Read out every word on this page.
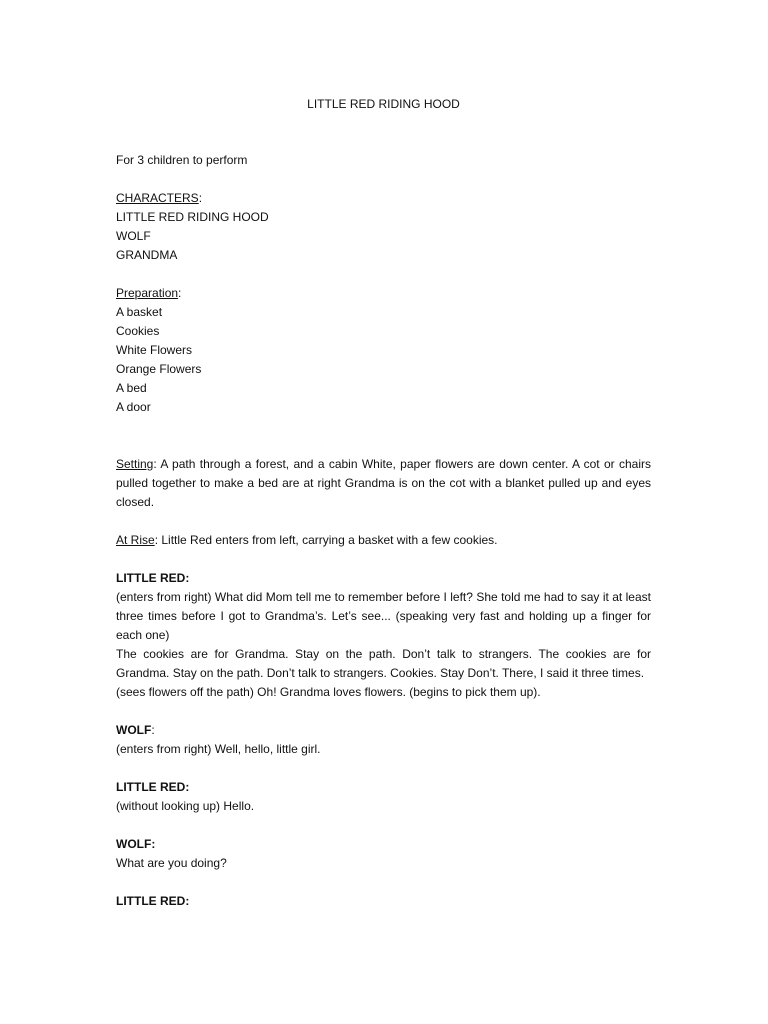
LITTLE RED RIDING HOOD

For 3 children to perform
CHARACTERS:
LITTLE RED RIDING HOOD
WOLF
GRANDMA
Preparation:
A basket
Cookies
White Flowers
Orange Flowers
A bed
A door

Setting: A path through a forest, and a cabin White, paper flowers are down center. A cot or chairs pulled together to make a bed are at right Grandma is on the cot with a blanket pulled up and eyes closed.

At Rise: Little Red enters from left, carrying a basket with a few cookies.

LITTLE RED:

(enters from right) What did Mom tell me to remember before I left? She told me had to say it at least three times before I got to Grandma’s. Let’s see... (speaking very fast and holding up a finger for each one)

The cookies are for Grandma. Stay on the path. Don’t talk to strangers. The cookies are for Grandma. Stay on the path. Don’t talk to strangers. Cookies. Stay Don’t. There, I said it three times.

(sees flowers off the path) Oh! Grandma loves flowers. (begins to pick them up).

WOLF:

(enters from right) Well, hello, little girl.

LITTLE RED:

(without looking up) Hello.

WOLF:

What are you doing?

LITTLE RED:
